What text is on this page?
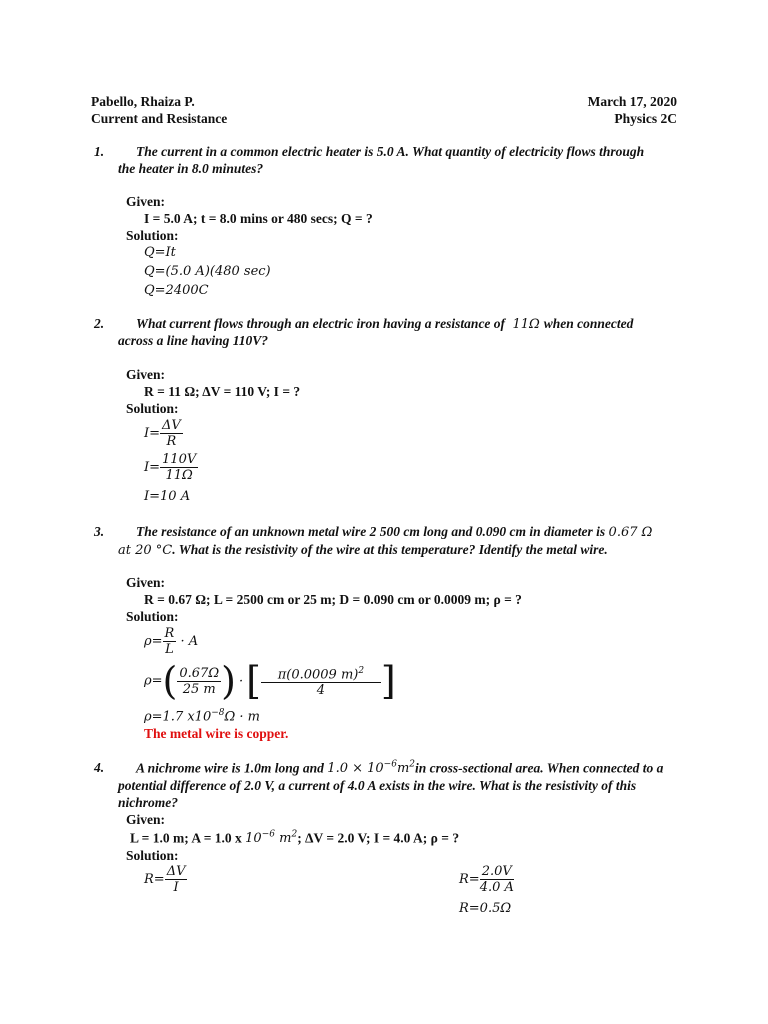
Pabello, Rhaiza P.
Current and Resistance
March 17, 2020
Physics 2C
1. The current in a common electric heater is 5.0 A. What quantity of electricity flows through
the heater in 8.0 minutes?
Given:
I = 5.0 A; t = 8.0 mins or 480 secs; Q = ?
Solution:
Q=It
Q=(5.0 A)(480 sec)
Q=2400C
2. What current flows through an electric iron having a resistance of 11Ω when connected
across a line having 110V?
Given:
R = 11 Ω; ΔV = 110 V; I = ?
Solution:
$I= \frac{\Delta V}{R}$
$I= \frac{110V}{11\Omega}$
I=10 A
3. The resistance of an unknown metal wire 2 500 cm long and 0.090 cm in diameter is 0.67 Ω
at 20 °C. What is the resistivity of the wire at this temperature? Identify the metal wire.
Given:
R = 0.67 Ω; L = 2500 cm or 25 m; D = 0.090 cm or 0.0009 m; ρ = ?
Solution:
$\rho= \frac{R}{L} \cdot A$
$\rho=( \frac{0.67\Omega}{25 m}$ ) ·[ $\frac{\pi(0.0009 m)^2}{4}$ ]
ρ=1.7 $x10^{-8}\Omega \cdot m$
The metal wire is copper.
4. A nichrome wire is 1.0m long and $1.0 \times 10^{-6}m^2in$ cross-sectional area. When connected to a
potential difference of 2.0 V, a current of 4.0 A exists in the wire. What is the resistivity of this
nichrome?
Given:
L = 1.0 m; A = 1.0 x $10^{-6}$ $m^2$; ΔV = 2.0 V; I = 4.0 A; ρ = ?
Solution:
$R= \frac{\Delta V}{I}$	$R= \frac{2.0V}{4.0 A}$
R=0.5Ω
